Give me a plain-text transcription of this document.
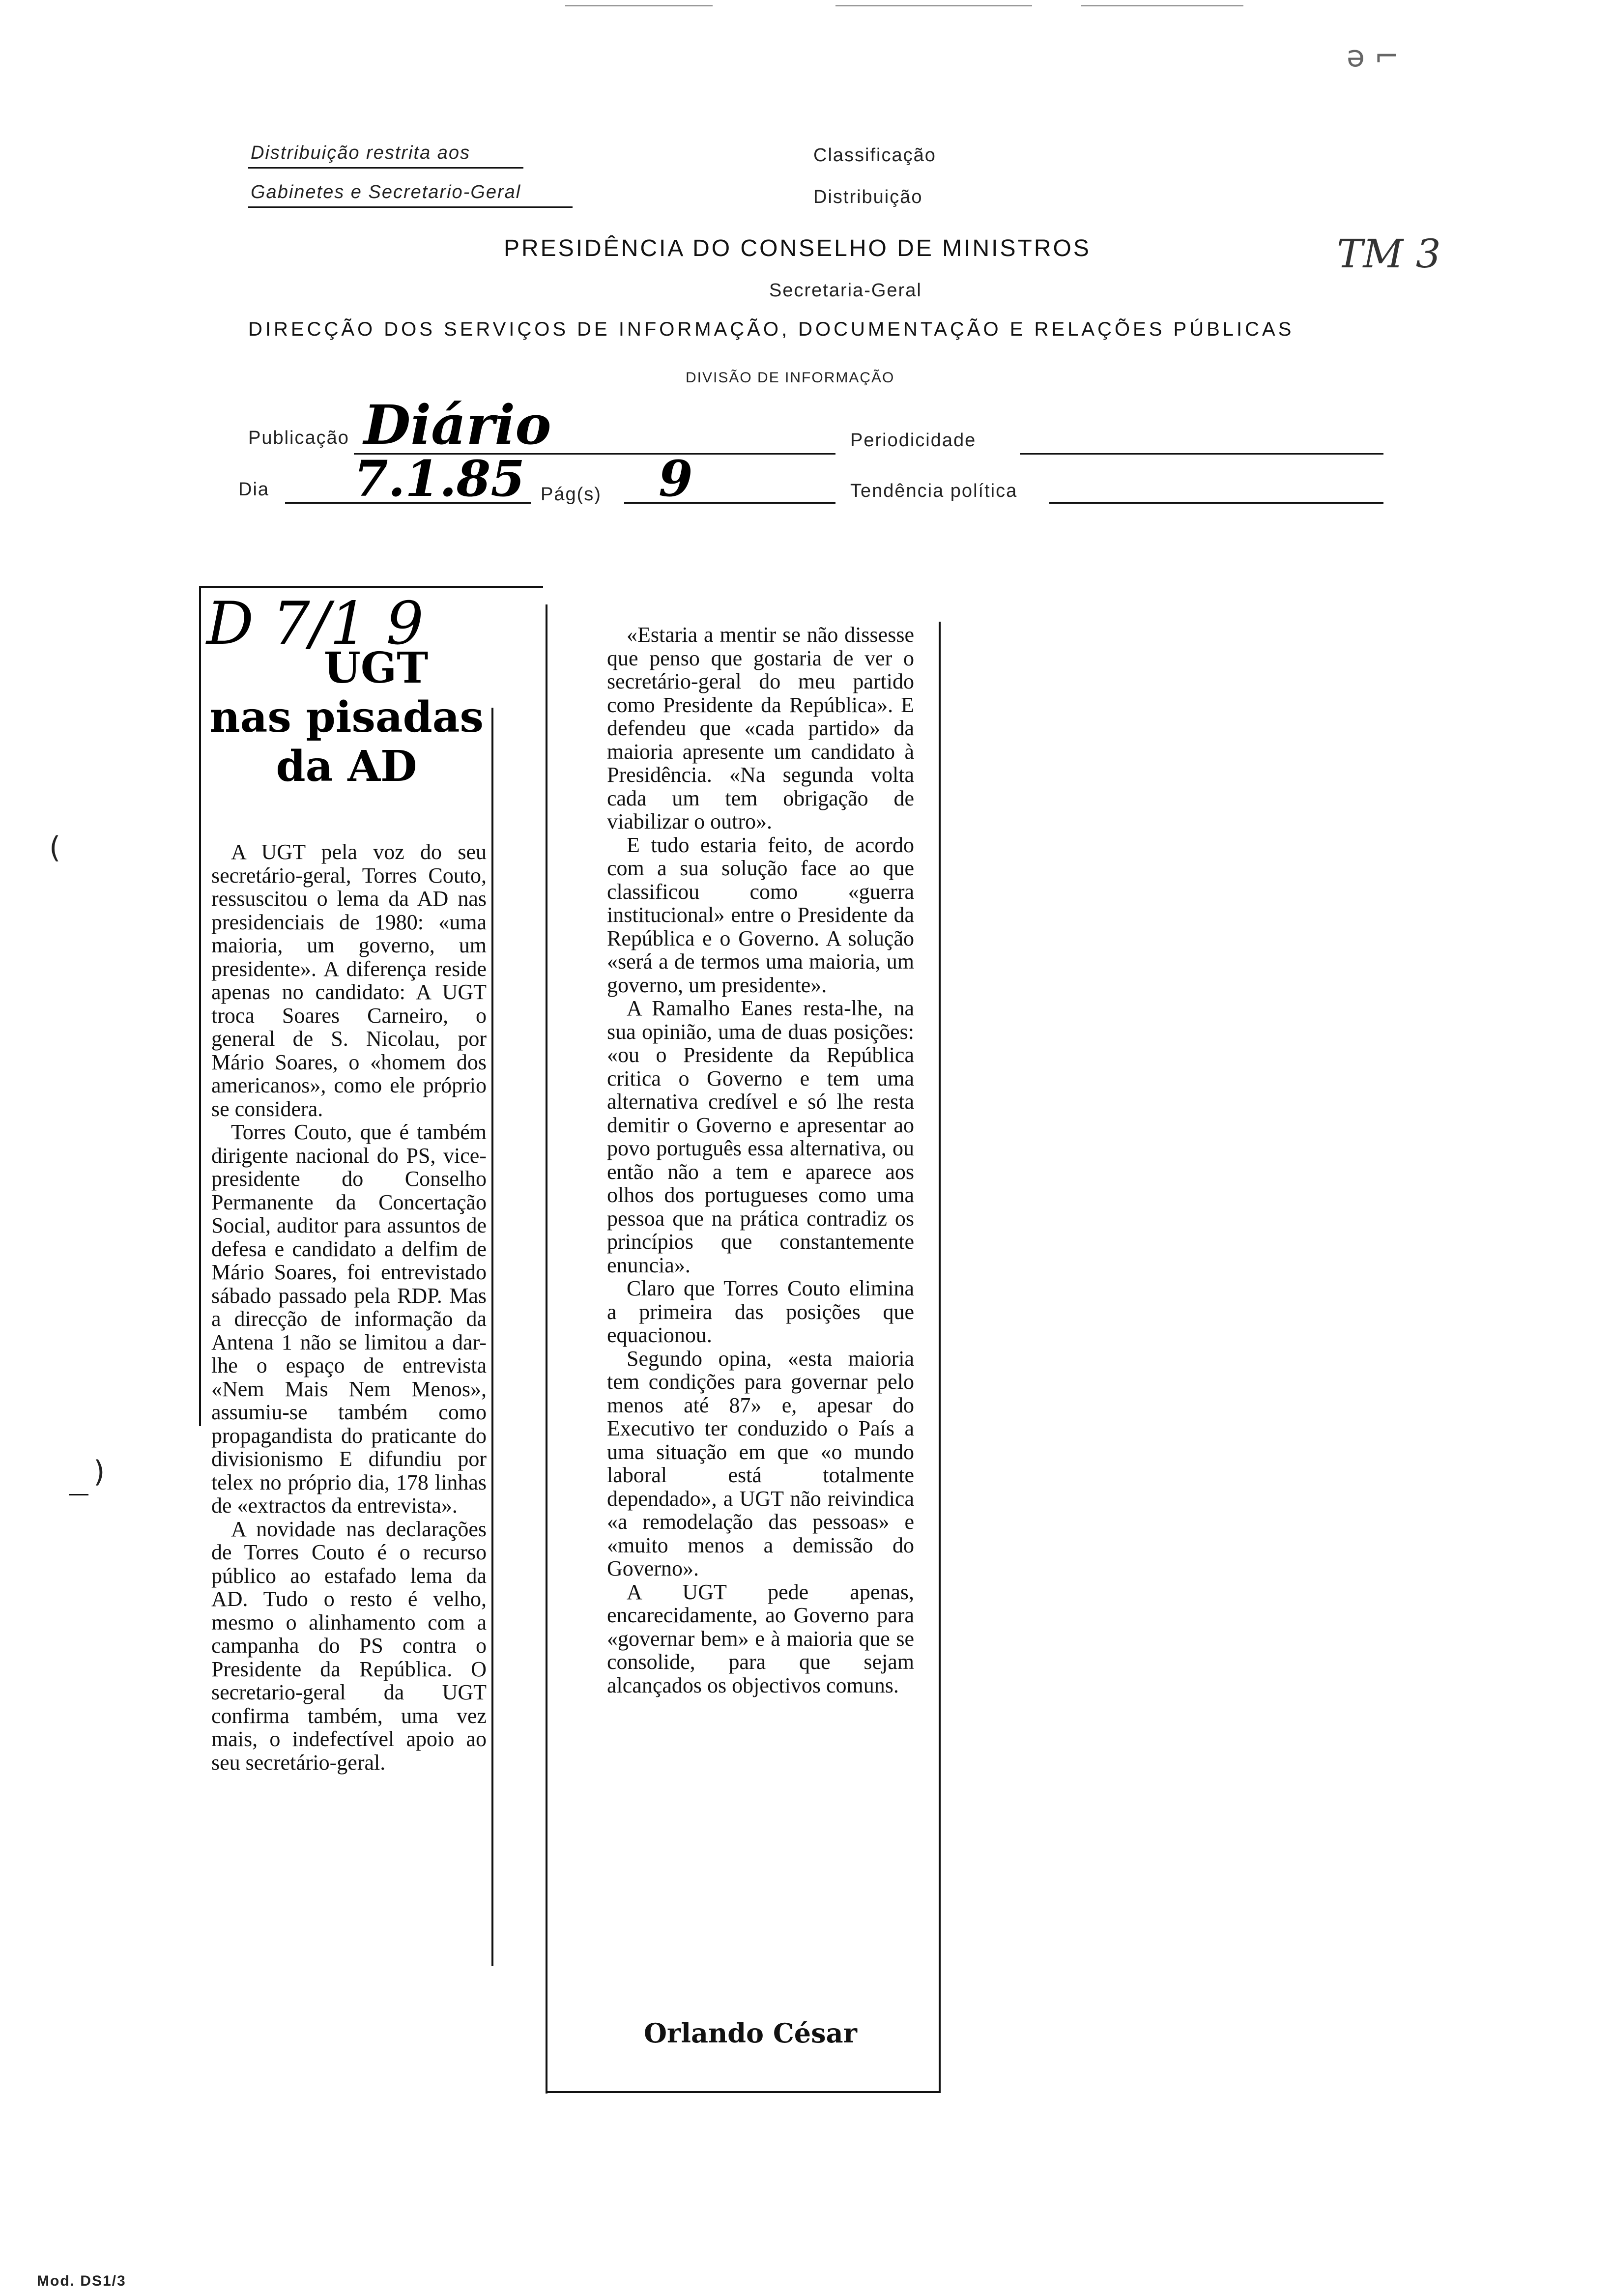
Distribuição restrita aos
Gabinetes e Secretario-Geral
Classificação
Distribuição
PRESIDÊNCIA DO CONSELHO DE MINISTROS
Secretaria-Geral
DIRECÇÃO DOS SERVIÇOS DE INFORMAÇÃO, DOCUMENTAÇÃO E RELAÇÕES PÚBLICAS
DIVISÃO DE INFORMAÇÃO
Publicação Diário	Periodicidade
Dia 7.1.85 Pág(s) 9	Tendência política
TM 3
ǝ ⌐
D 7/1 9
UGT
nas pisadas
da AD

A UGT pela voz do seu secretário-geral, Torres Couto, ressuscitou o lema da AD nas presidenciais de 1980: «uma maioria, um governo, um presidente». A diferença reside apenas no candidato: A UGT troca Soares Carneiro, o general de S. Nicolau, por Mário Soares, o «homem dos americanos», como ele próprio se considera.

Torres Couto, que é também dirigente nacional do PS, vice-presidente do Conselho Permanente da Concertação Social, auditor para assuntos de defesa e candidato a delfim de Mário Soares, foi entrevistado sábado passado pela RDP. Mas a direcção de informação da Antena 1 não se limitou a dar-lhe o espaço de entrevista «Nem Mais Nem Menos», assumiu-se também como propagandista do praticante do divisionismo E difundiu por telex no próprio dia, 178 linhas de «extractos da entrevista».

A novidade nas declarações de Torres Couto é o recurso público ao estafado lema da AD. Tudo o resto é velho, mesmo o alinhamento com a campanha do PS contra o Presidente da República. O secretario-geral da UGT confirma também, uma vez mais, o indefectível apoio ao seu secretário-geral.

«Estaria a mentir se não dissesse que penso que gostaria de ver o secretário-geral do meu partido como Presidente da República». E defendeu que «cada partido» da maioria apresente um candidato à Presidência. «Na segunda volta cada um tem obrigação de viabilizar o outro».

E tudo estaria feito, de acordo com a sua solução face ao que classificou como «guerra institucional» entre o Presidente da República e o Governo. A solução «será a de termos uma maioria, um governo, um presidente».

A Ramalho Eanes resta-lhe, na sua opinião, uma de duas posições: «ou o Presidente da República critica o Governo e tem uma alternativa credível e só lhe resta demitir o Governo e apresentar ao povo português essa alternativa, ou então não a tem e aparece aos olhos dos portugueses como uma pessoa que na prática contradiz os princípios que constantemente enuncia».

Claro que Torres Couto elimina a primeira das posições que equacionou.

Segundo opina, «esta maioria tem condições para governar pelo menos até 87» e, apesar do Executivo ter conduzido o País a uma situação em que «o mundo laboral está totalmente dependado», a UGT não reivindica «a remodelação das pessoas» e «muito menos a demissão do Governo».

A UGT pede apenas, encarecidamente, ao Governo para «governar bem» e à maioria que se consolide, para que sejam alcançados os objectivos comuns.

Orlando César
(
)
Mod. DS1/3
